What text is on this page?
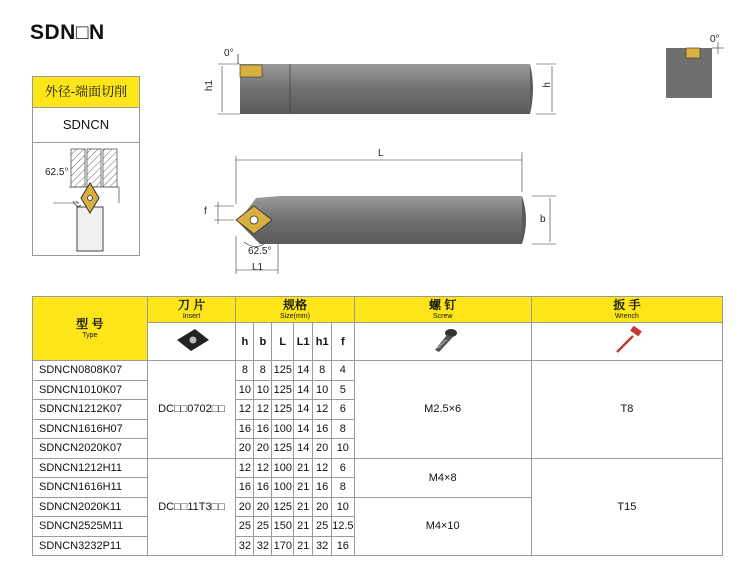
SDN□N
外径-端面切削
SDNCN
62.5°
0°
h1	h
0°
L
f
b
62.5°
L1
型 号
Type	刀 片
Insert	规格
Size(mm)						螺 钉
Screw	扳 手
Wrench

	h	b	L	L1	h1	f		
SDNCN0808K07	DC□□0702□□	8	8	125	14	8	4	M2.5×6	T8
SDNCN1010K07		10	10	125	14	10	5		
SDNCN1212K07		12	12	125	14	12	6		
SDNCN1616H07		16	16	100	14	16	8		
SDNCN2020K07		20	20	125	14	20	10		
SDNCN1212H11	DC□□11T3□□	12	12	100	21	12	6	M4×8	T15
SDNCN1616H11		16	16	100	21	16	8		
SDNCN2020K11		20	20	125	21	20	10	M4×10	
SDNCN2525M11		25	25	150	21	25	12.5		
SDNCN3232P11		32	32	170	21	32	16		
